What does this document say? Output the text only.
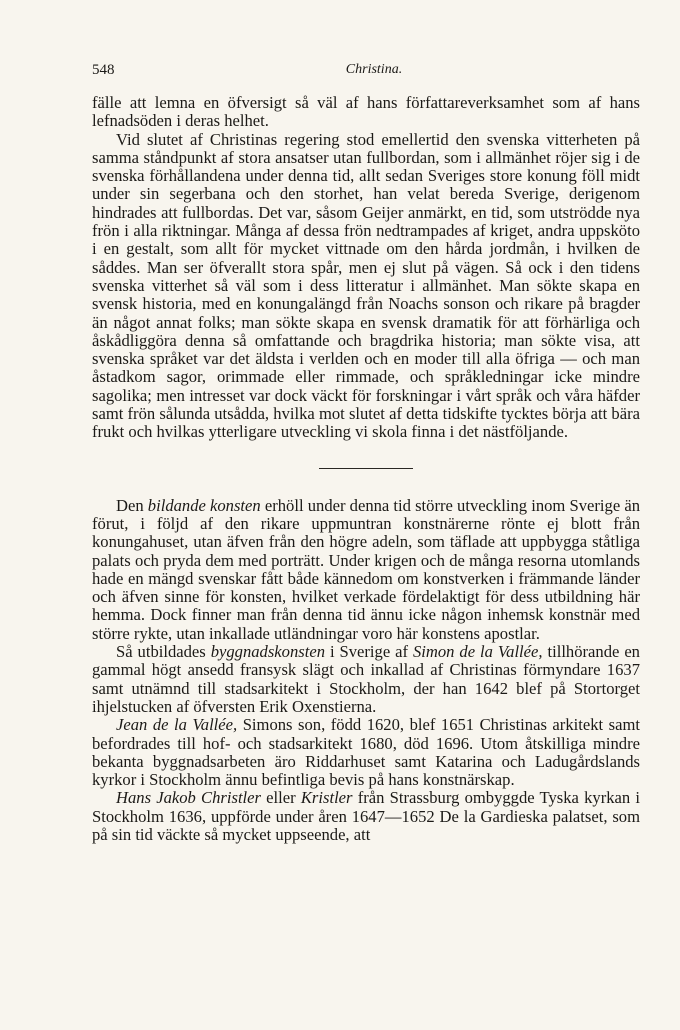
548	Christina.

fälle att lemna en öfversigt så väl af hans författareverksamhet som af hans lefnadsöden i deras helhet.

Vid slutet af Christinas regering stod emellertid den svenska vitterheten på samma ståndpunkt af stora ansatser utan fullbordan, som i allmänhet röjer sig i de svenska förhållandena under denna tid, allt sedan Sveriges store konung föll midt under sin segerbana och den storhet, han velat bereda Sverige, derigenom hindrades att fullbordas. Det var, såsom Geijer anmärkt, en tid, som utströdde nya frön i alla riktningar. Många af dessa frön nedtrampades af kriget, andra uppsköto i en gestalt, som allt för mycket vittnade om den hårda jordmån, i hvilken de såddes. Man ser öfverallt stora spår, men ej slut på vägen. Så ock i den tidens svenska vitterhet så väl som i dess litteratur i allmänhet. Man sökte skapa en svensk historia, med en konungalängd från Noachs sonson och rikare på bragder än något annat folks; man sökte skapa en svensk dramatik för att förhärliga och åskådliggöra denna så omfattande och bragdrika historia; man sökte visa, att svenska språket var det äldsta i verlden och en moder till alla öfriga — och man åstadkom sagor, orimmade eller rimmade, och språkledningar icke mindre sagolika; men intresset var dock väckt för forskningar i vårt språk och våra häfder samt frön sålunda utsådda, hvilka mot slutet af detta tidskifte tycktes börja att bära frukt och hvilkas ytterligare utveckling vi skola finna i det nästföljande.

Den bildande konsten erhöll under denna tid större utveckling inom Sverige än förut, i följd af den rikare uppmuntran konstnärerne rönte ej blott från konungahuset, utan äfven från den högre adeln, som täflade att uppbygga ståtliga palats och pryda dem med porträtt. Under krigen och de många resorna utomlands hade en mängd svenskar fått både kännedom om konstverken i främmande länder och äfven sinne för konsten, hvilket verkade fördelaktigt för dess utbildning här hemma. Dock finner man från denna tid ännu icke någon inhemsk konstnär med större rykte, utan inkallade utländningar voro här konstens apostlar.

Så utbildades byggnadskonsten i Sverige af Simon de la Vallée, tillhörande en gammal högt ansedd fransysk slägt och inkallad af Christinas förmyndare 1637 samt utnämnd till stadsarkitekt i Stockholm, der han 1642 blef på Stortorget ihjelstucken af öfversten Erik Oxenstierna.

Jean de la Vallée, Simons son, född 1620, blef 1651 Christinas arkitekt samt befordrades till hof- och stadsarkitekt 1680, död 1696. Utom åtskilliga mindre bekanta byggnadsarbeten äro Riddarhuset samt Katarina och Ladugårdslands kyrkor i Stockholm ännu befintliga bevis på hans konstnärskap.

Hans Jakob Christler eller Kristler från Strassburg ombyggde Tyska kyrkan i Stockholm 1636, uppförde under åren 1647—1652 De la Gardieska palatset, som på sin tid väckte så mycket uppseende, att
